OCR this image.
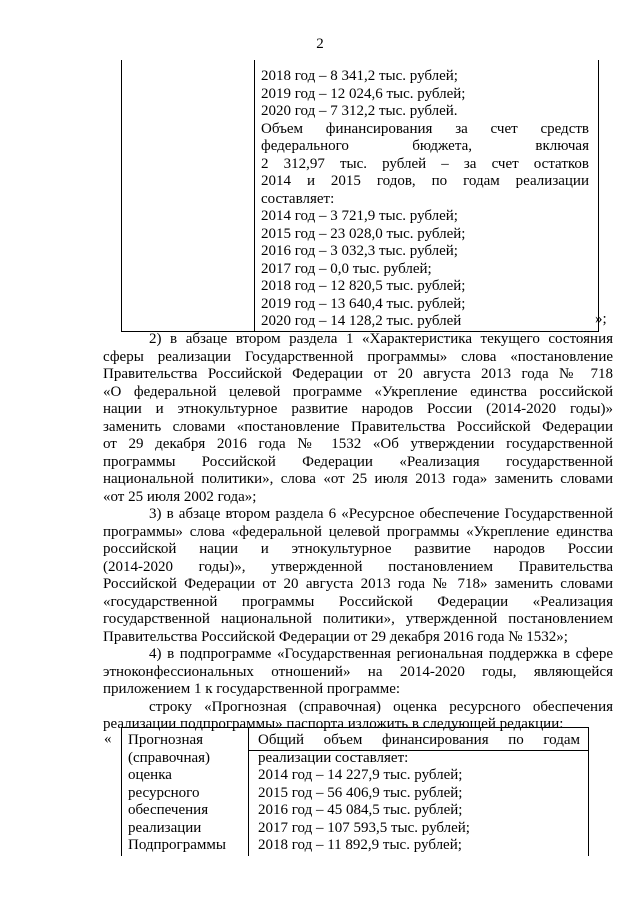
2
2018 год – 8 341,2 тыс. рублей;
2019 год – 12 024,6 тыс. рублей;
2020 год – 7 312,2 тыс. рублей.
Объем финансирования за счет средств
федерального бюджета, включая
2 312,97 тыс. рублей – за счет остатков
2014 и 2015 годов, по годам реализации
составляет:
2014 год – 3 721,9 тыс. рублей;
2015 год – 23 028,0 тыс. рублей;
2016 год – 3 032,3 тыс. рублей;
2017 год – 0,0 тыс. рублей;
2018 год – 12 820,5 тыс. рублей;
2019 год – 13 640,4 тыс. рублей;
2020 год – 14 128,2 тыс. рублей	»;
2) в абзаце втором раздела 1 «Характеристика текущего состояния
сферы реализации Государственной программы» слова «постановление
Правительства Российской Федерации от 20 августа 2013 года № 718
«О федеральной целевой программе «Укрепление единства российской
нации и этнокультурное развитие народов России (2014-2020 годы)»
заменить словами «постановление Правительства Российской Федерации
от 29 декабря 2016 года № 1532 «Об утверждении государственной
программы Российской Федерации «Реализация государственной
национальной политики», слова «от 25 июля 2013 года» заменить словами
«от 25 июля 2002 года»;
3) в абзаце втором раздела 6 «Ресурсное обеспечение Государственной
программы» слова «федеральной целевой программы «Укрепление единства
российской нации и этнокультурное развитие народов России
(2014-2020 годы)», утвержденной постановлением Правительства
Российской Федерации от 20 августа 2013 года № 718» заменить словами
«государственной программы Российской Федерации «Реализация
государственной национальной политики», утвержденной постановлением
Правительства Российской Федерации от 29 декабря 2016 года № 1532»;
4) в подпрограмме «Государственная региональная поддержка в сфере
этноконфессиональных отношений» на 2014-2020 годы, являющейся
приложением 1 к государственной программе:
строку «Прогнозная (справочная) оценка ресурсного обеспечения
реализации подпрограммы» паспорта изложить в следующей редакции:
« Прогнозная
(справочная)
оценка
ресурсного
обеспечения
реализации
Подпрограммы
Общий объем финансирования по годам
реализации составляет:
2014 год – 14 227,9 тыс. рублей;
2015 год – 56 406,9 тыс. рублей;
2016 год – 45 084,5 тыс. рублей;
2017 год – 107 593,5 тыс. рублей;
2018 год – 11 892,9 тыс. рублей;
